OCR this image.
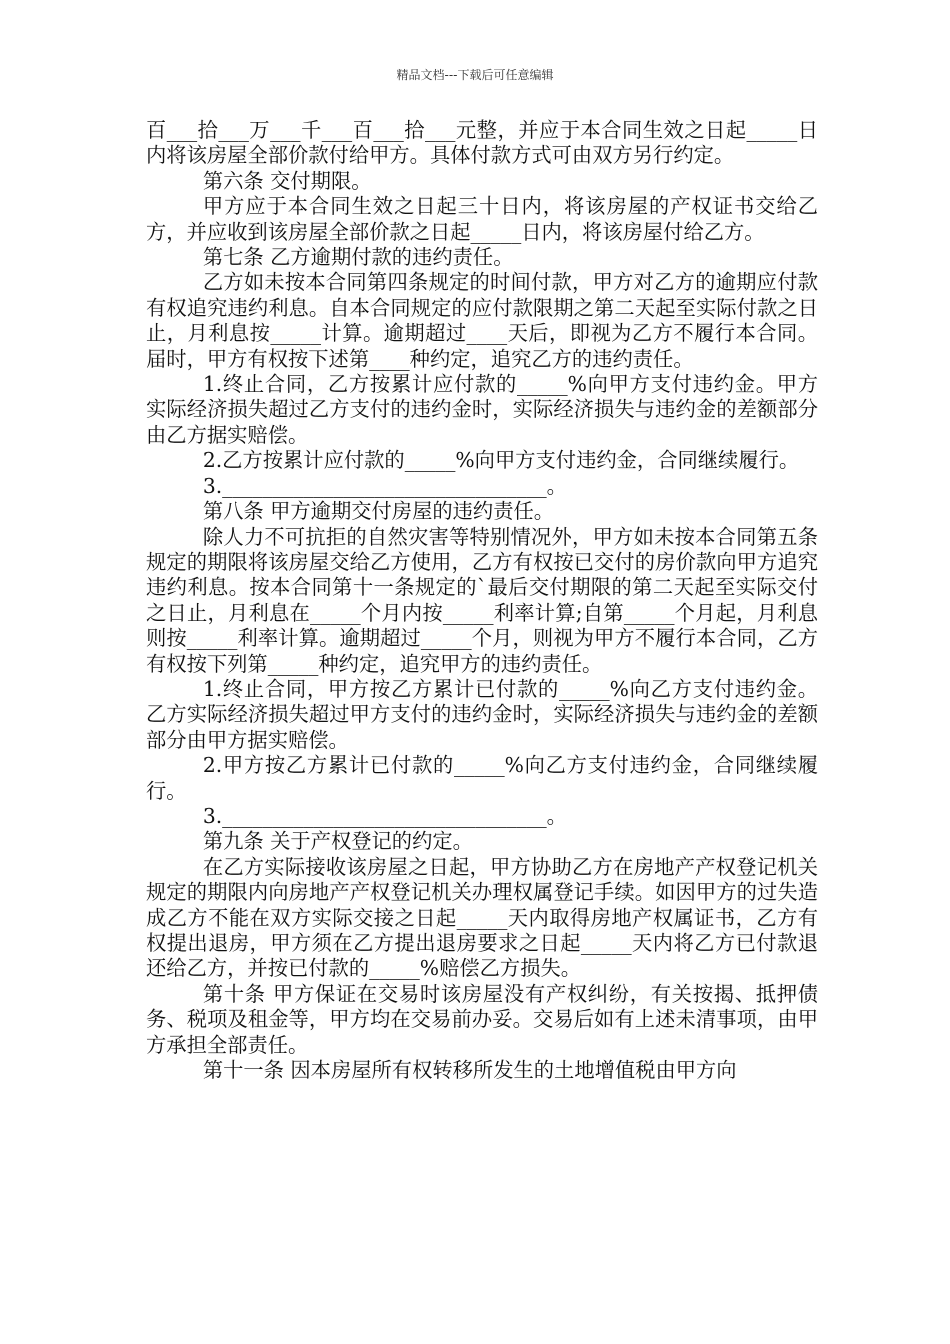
精品文档---下载后可任意编辑

百___拾___万___千___百___拾___元整，并应于本合同生效之日起_____日内将该房屋全部价款付给甲方。具体付款方式可由双方另行约定。

第六条 交付期限。

甲方应于本合同生效之日起三十日内，将该房屋的产权证书交给乙方，并应收到该房屋全部价款之日起_____日内，将该房屋付给乙方。

第七条 乙方逾期付款的违约责任。

乙方如未按本合同第四条规定的时间付款，甲方对乙方的逾期应付款有权追究违约利息。自本合同规定的应付款限期之第二天起至实际付款之日止，月利息按_____计算。逾期超过____天后，即视为乙方不履行本合同。届时，甲方有权按下述第____种约定，追究乙方的违约责任。

1.终止合同，乙方按累计应付款的_____%向甲方支付违约金。甲方实际经济损失超过乙方支付的违约金时，实际经济损失与违约金的差额部分由乙方据实赔偿。

2.乙方按累计应付款的_____%向甲方支付违约金，合同继续履行。

3.________________________________。

第八条 甲方逾期交付房屋的违约责任。

除人力不可抗拒的自然灾害等特别情况外，甲方如未按本合同第五条规定的期限将该房屋交给乙方使用，乙方有权按已交付的房价款向甲方追究违约利息。按本合同第十一条规定的`最后交付期限的第二天起至实际交付之日止，月利息在_____个月内按_____利率计算;自第_____个月起，月利息则按_____利率计算。逾期超过_____个月，则视为甲方不履行本合同，乙方有权按下列第_____种约定，追究甲方的违约责任。

1.终止合同，甲方按乙方累计已付款的_____%向乙方支付违约金。乙方实际经济损失超过甲方支付的违约金时，实际经济损失与违约金的差额部分由甲方据实赔偿。

2.甲方按乙方累计已付款的_____%向乙方支付违约金，合同继续履行。

3.________________________________。

第九条 关于产权登记的约定。

在乙方实际接收该房屋之日起，甲方协助乙方在房地产产权登记机关规定的期限内向房地产产权登记机关办理权属登记手续。如因甲方的过失造成乙方不能在双方实际交接之日起_____天内取得房地产权属证书，乙方有权提出退房，甲方须在乙方提出退房要求之日起_____天内将乙方已付款退还给乙方，并按已付款的_____%赔偿乙方损失。

第十条 甲方保证在交易时该房屋没有产权纠纷，有关按揭、抵押债务、税项及租金等，甲方均在交易前办妥。交易后如有上述未清事项，由甲方承担全部责任。

第十一条 因本房屋所有权转移所发生的土地增值税由甲方向
